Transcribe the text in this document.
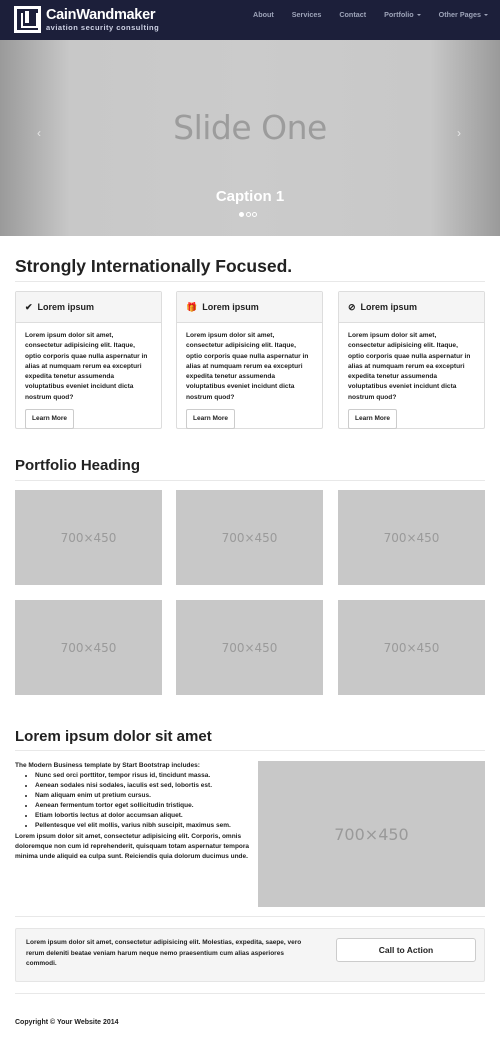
CainWandmaker
aviation security consulting
About	Services	Contact	Portfolio	Other Pages
Slide One
‹	›
Caption 1
Strongly Internationally Focused.
✔ Lorem ipsum
Lorem ipsum dolor sit amet, consectetur adipisicing elit. Itaque, optio corporis quae nulla aspernatur in alias at numquam rerum ea excepturi expedita tenetur assumenda voluptatibus eveniet incidunt dicta nostrum quod?
Learn More
🎁 Lorem ipsum
Lorem ipsum dolor sit amet, consectetur adipisicing elit. Itaque, optio corporis quae nulla aspernatur in alias at numquam rerum ea excepturi expedita tenetur assumenda voluptatibus eveniet incidunt dicta nostrum quod?
Learn More
⊘ Lorem ipsum
Lorem ipsum dolor sit amet, consectetur adipisicing elit. Itaque, optio corporis quae nulla aspernatur in alias at numquam rerum ea excepturi expedita tenetur assumenda voluptatibus eveniet incidunt dicta nostrum quod?
Learn More
Portfolio Heading
700×450	700×450	700×450
700×450	700×450	700×450
Lorem ipsum dolor sit amet

The Modern Business template by Start Bootstrap includes:

• Nunc sed orci porttitor, tempor risus id, tincidunt massa.
• Aenean sodales nisi sodales, iaculis est sed, lobortis est.
• Nam aliquam enim ut pretium cursus.
• Aenean fermentum tortor eget sollicitudin tristique.
• Etiam lobortis lectus at dolor accumsan aliquet.
• Pellentesque vel elit mollis, varius nibh suscipit, maximus sem.

Lorem ipsum dolor sit amet, consectetur adipisicing elit. Corporis, omnis doloremque non cum id reprehenderit, quisquam totam aspernatur tempora minima unde aliquid ea culpa sunt. Reiciendis quia dolorum ducimus unde.

700×450
Lorem ipsum dolor sit amet, consectetur adipisicing elit. Molestias, expedita, saepe, vero rerum deleniti beatae veniam harum neque nemo praesentium cum alias asperiores commodi.
Call to Action
Copyright © Your Website 2014
